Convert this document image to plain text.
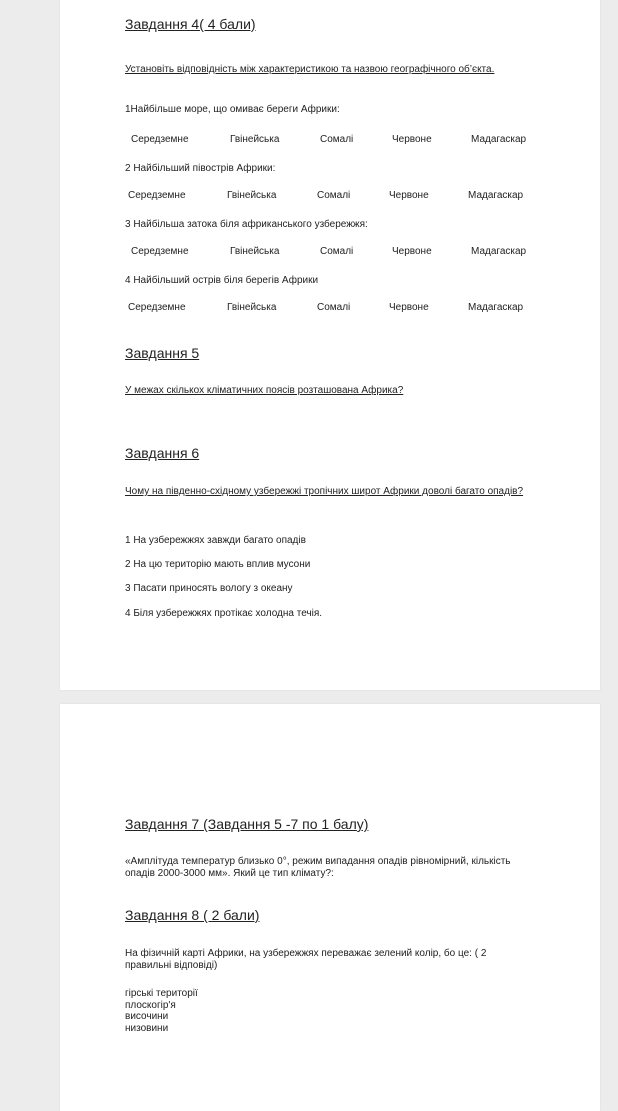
Завдання 4( 4 бали)
Установіть відповідність між характеристикою та назвою географічного об’єкта.
1Найбільше море, що омиває береги Африки:
Середземне	Гвінейська	Сомалі	Червоне	Мадагаскар
2 Найбільший півострів Африки:
Середземне	Гвінейська	Сомалі	Червоне	Мадагаскар
3 Найбільша затока біля африканського узбережжя:
Середземне	Гвінейська	Сомалі	Червоне	Мадагаскар
4 Найбільший острів біля берегів Африки
Середземне	Гвінейська	Сомалі	Червоне	Мадагаскар
Завдання 5
У межах скількох кліматичних поясів розташована Африка?
Завдання 6
Чому на південно-східному узбережжі тропічних широт Африки доволі багато опадів?
1 На узбережжях завжди багато опадів
2 На цю територію мають вплив мусони
3 Пасати приносять вологу з океану
4 Біля узбережжях протікає холодна течія.
Завдання 7 (Завдання 5 -7 по 1 балу)
«Амплітуда температур близько 0°, режим випадання опадів рівномірний, кількість опадів 2000-3000 мм». Який це тип клімату?:
Завдання 8 ( 2 бали)
На фізичній карті Африки, на узбережжях переважає зелений колір, бо це: ( 2 правильні відповіді)
гірські території
плоскогір'я
височини
низовини
